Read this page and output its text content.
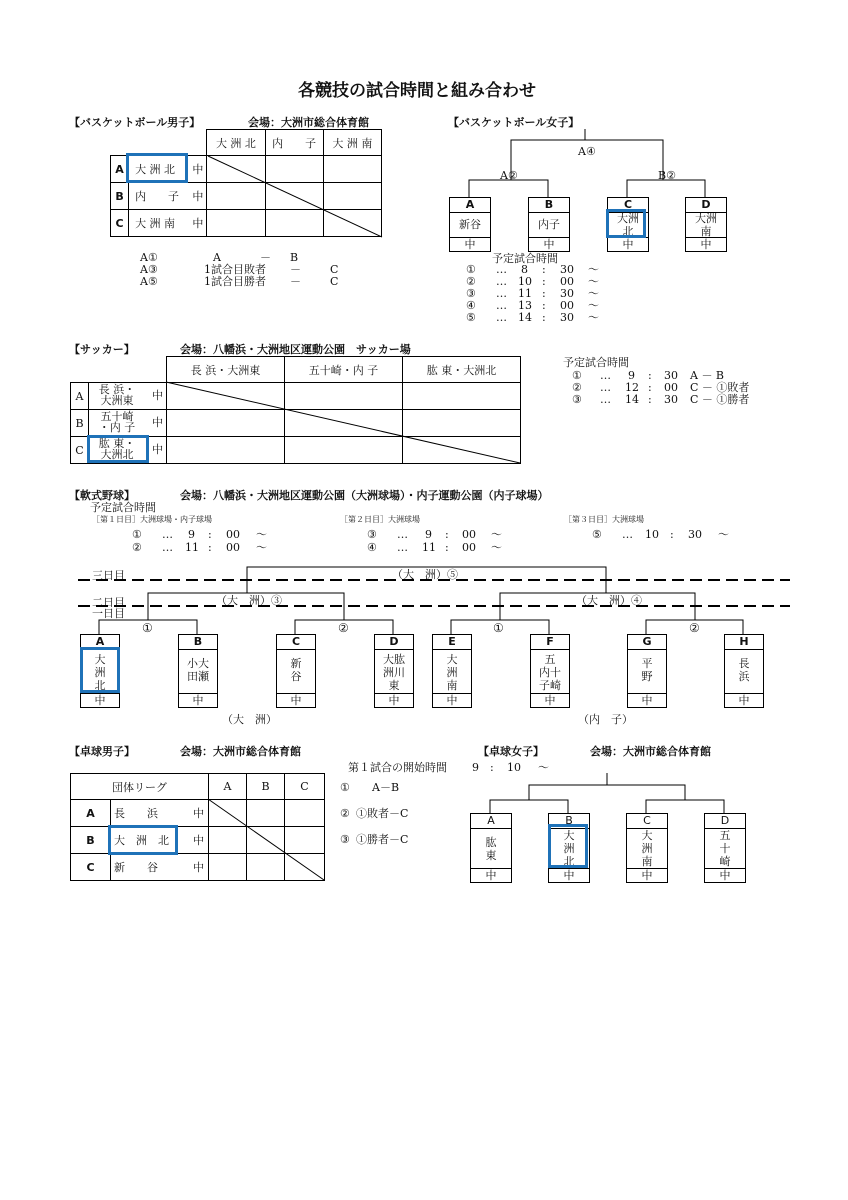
各競技の試合時間と組み合わせ
【バスケットボール男子】	会場：大洲市総合体育館
		大 洲 北	内　　子	大 洲 南
A	大 洲 北 中			

B	内　　子 中			

C	大 洲 南 中			

A①	A	－ B
A③	1試合目敗者 －	C
A⑤	1試合目勝者 －	C
【バスケットボール女子】
A④
A②	B②
A
新谷
中
B
内子
中
C
大洲
北
中
D
大洲
南
中
予定試合時間
① … 8 : 30 ～
② … 10 : 00 ～
③ … 11 : 30 ～
④ … 13 : 00 ～
⑤ … 14 : 30 ～
【サッカー】	会場：八幡浜・大洲地区運動公園　サッカー場
		長 浜・大洲東	五十崎・内 子	肱 東・大洲北
A	長 浜・
大洲東 中			

B	五十崎
・内 子 中			

C	肱 東・
大洲北 中			

予定試合時間
① … 9 : 30 A － B
② … 12 : 00 C － ①敗者
③ … 14 : 30 C － ①勝者
【軟式野球】	会場：八幡浜・大洲地区運動公園（大洲球場）・内子運動公園（内子球場）
予定試合時間
［第１日目］大洲球場・内子球場	［第２日目］大洲球場	［第３日目］大洲球場
① … 9 : 00 ～
② … 11 : 00 ～
③ … 9 : 00 ～
④ … 11 : 00 ～
⑤ … 10 : 30 ～
三日目
二日目
一日目
（大　洲）⑤
（大　洲）③	（大　洲）④
①	②	①	②
A
大
洲
北
中
B
小大
田瀬
中
C
新
谷
中
D
大肱
洲川
東
中
E
大
洲
南
中
F
五
内十
子崎
中
G
平
野
中
H
長
浜
中
（大　洲）	（内　子）
【卓球男子】	会場：大洲市総合体育館
団体リーグ		A	B	C
A	長　　浜 中			

B	大　洲　北 中			

C	新　　谷 中			

第１試合の開始時間 9 : 10 ～
① A－B
② ①敗者－C
③ ①勝者－C
【卓球女子】	会場：大洲市総合体育館
A
肱
東
中
B
大
洲
北
中
C
大
洲
南
中
D
五
十
崎
中
